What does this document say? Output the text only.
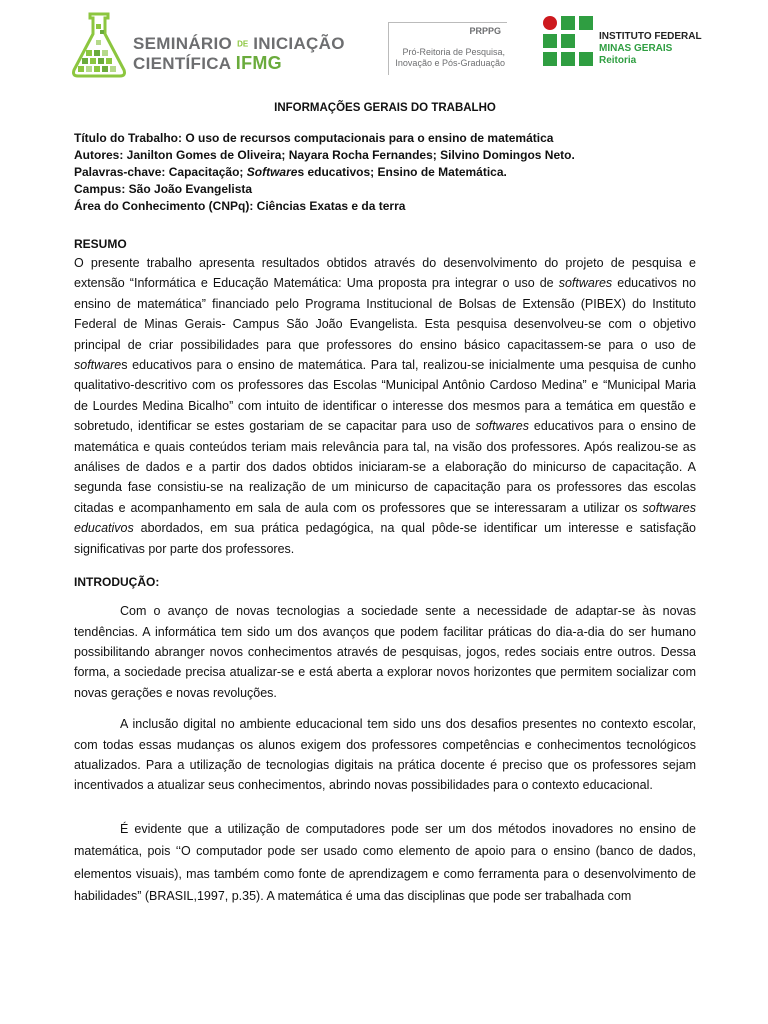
SEMINÁRIO DE INICIAÇÃO
CIENTÍFICA IFMG
PRPPG
Pró-Reitoria de Pesquisa,
Inovação e Pós-Graduação
INSTITUTO FEDERAL
MINAS GERAIS
Reitoria
INFORMAÇÕES GERAIS DO TRABALHO

Título do Trabalho: O uso de recursos computacionais para o ensino de matemática

Autores: Janilton Gomes de Oliveira; Nayara Rocha Fernandes; Silvino Domingos Neto.

Palavras-chave: Capacitação; Softwares educativos; Ensino de Matemática.

Campus: São João Evangelista

Área do Conhecimento (CNPq): Ciências Exatas e da terra

RESUMO

O presente trabalho apresenta resultados obtidos através do desenvolvimento do projeto de pesquisa e extensão “Informática e Educação Matemática: Uma proposta pra integrar o uso de softwares educativos no ensino de matemática” financiado pelo Programa Institucional de Bolsas de Extensão (PIBEX) do Instituto Federal de Minas Gerais- Campus São João Evangelista. Esta pesquisa desenvolveu-se com o objetivo principal de criar possibilidades para que professores do ensino básico capacitassem-se para o uso de softwares educativos para o ensino de matemática. Para tal, realizou-se inicialmente uma pesquisa de cunho qualitativo-descritivo com os professores das Escolas “Municipal Antônio Cardoso Medina” e “Municipal Maria de Lourdes Medina Bicalho” com intuito de identificar o interesse dos mesmos para a temática em questão e sobretudo, identificar se estes gostariam de se capacitar para uso de softwares educativos para o ensino de matemática e quais conteúdos teriam mais relevância para tal, na visão dos professores. Após realizou-se as análises de dados e a partir dos dados obtidos iniciaram-se a elaboração do minicurso de capacitação. A segunda fase consistiu-se na realização de um minicurso de capacitação para os professores das escolas citadas e acompanhamento em sala de aula com os professores que se interessaram a utilizar os softwares educativos abordados, em sua prática pedagógica, na qual pôde-se identificar um interesse e satisfação significativas por parte dos professores.

INTRODUÇÃO:

Com o avanço de novas tecnologias a sociedade sente a necessidade de adaptar-se às novas tendências. A informática tem sido um dos avanços que podem facilitar práticas do dia-a-dia do ser humano possibilitando abranger novos conhecimentos através de pesquisas, jogos, redes sociais entre outros. Dessa forma, a sociedade precisa atualizar-se e está aberta a explorar novos horizontes que permitem socializar com novas gerações e novas revoluções.

A inclusão digital no ambiente educacional tem sido uns dos desafios presentes no contexto escolar, com todas essas mudanças os alunos exigem dos professores competências e conhecimentos tecnológicos atualizados. Para a utilização de tecnologias digitais na prática docente é preciso que os professores sejam incentivados a atualizar seus conhecimentos, abrindo novas possibilidades para o contexto educacional.

É evidente que a utilização de computadores pode ser um dos métodos inovadores no ensino de matemática, pois ‘‘O computador pode ser usado como elemento de apoio para o ensino (banco de dados, elementos visuais), mas também como fonte de aprendizagem e como ferramenta para o desenvolvimento de habilidades” (BRASIL,1997, p.35). A matemática é uma das disciplinas que pode ser trabalhada com
